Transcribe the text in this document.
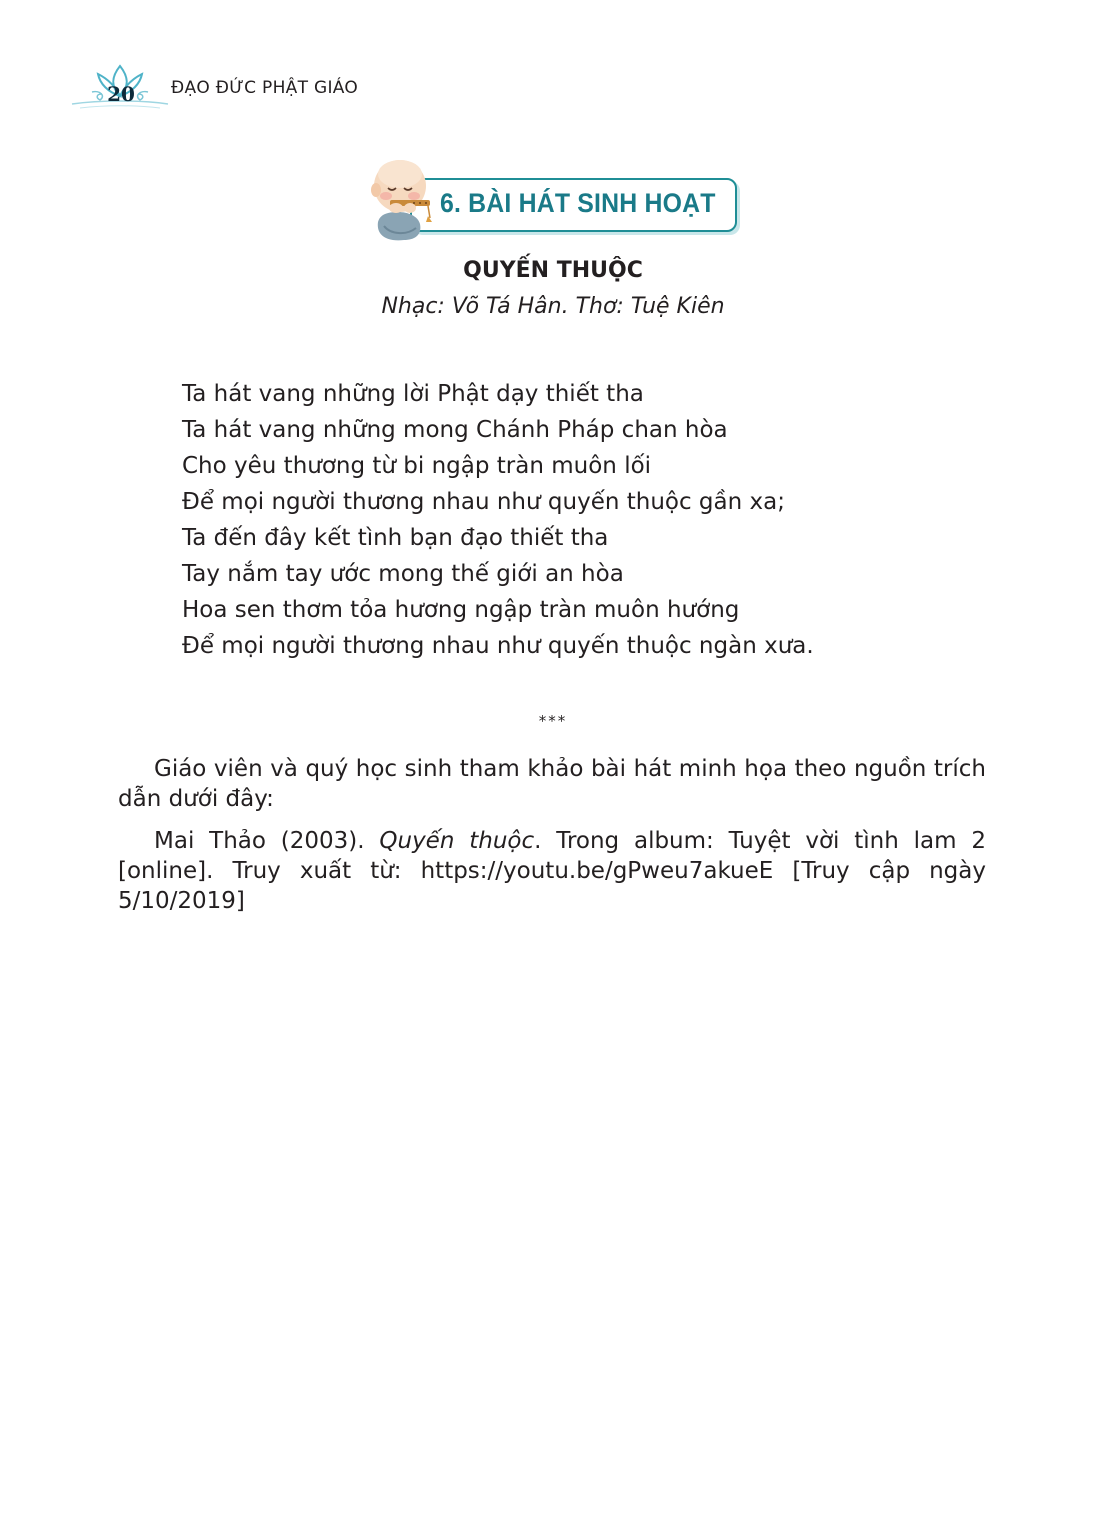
20 ĐẠO ĐỨC PHẬT GIÁO
6. BÀI HÁT SINH HOẠT
QUYẾN THUỘC
Nhạc: Võ Tá Hân. Thơ: Tuệ Kiên
Ta hát vang những lời Phật dạy thiết tha
Ta hát vang những mong Chánh Pháp chan hòa
Cho yêu thương từ bi ngập tràn muôn lối
Để mọi người thương nhau như quyến thuộc gần xa;
Ta đến đây kết tình bạn đạo thiết tha
Tay nắm tay ước mong thế giới an hòa
Hoa sen thơm tỏa hương ngập tràn muôn hướng
Để mọi người thương nhau như quyến thuộc ngàn xưa.
***

Giáo viên và quý học sinh tham khảo bài hát minh họa theo nguồn trích dẫn dưới đây:

Mai Thảo (2003). Quyến thuộc. Trong album: Tuyệt vời tình lam 2 [online]. Truy xuất từ: https://youtu.be/gPweu7akueE [Truy cập ngày 5/10/2019]
